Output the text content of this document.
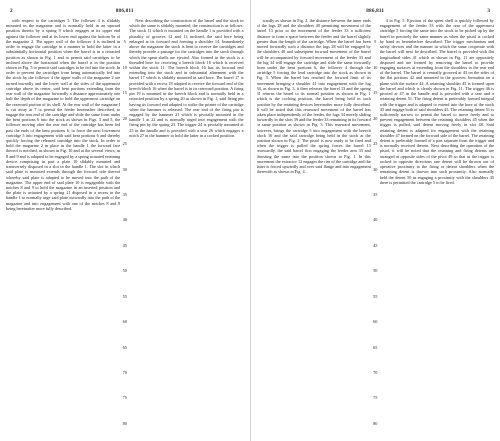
2	886,811

with respect to the cartridges 5. The follower 4 is slidably mounted in the magazine and is normally held in an upward position therein by a spring 9 which engages at its upper end against the follower and at its lower end against the bottom 9a of the magazine 2. The upper wall of the follower 4 is inclined in order to engage the cartridge in a manner to hold the latter in a substantially horizontal position when the barrel is in a retracted position as shown in Fig. 1 and to permit said cartridges to be inclined above the horizontal when the barrel is in the position shown in Fig. 5 to permit said cartridges to be fed into the stock. In order to prevent the cartridges from being automatically fed into the stock by the follower 4 the upper walls of the magazine 2 are turned inwardly and the lower wall at the sides of the uppermost cartridge above its center, said bent portions extending from the rear wall of the magazine forwardly a distance approximately one half the depth of the magazine to hold the uppermost cartridge on the rearward portion of its shell. At the rear wall of the magazine I is cut away at 7 to permit the feeder hereinafter described, to engage the rear end of the cartridge and slide the same from under the bent portions 6 into the stock as shown in Figs. 3 and 5, the follower moving after the rear end of the cartridge has been fed past the ends of the bent portions 6, to force the next lowermost cartridge 5 into engagement with said bent portions 6 and thereby quickly forcing the released cartridge into the stock. In order to hold the magazine 2 in place in the handle 1 the forward face thereof is notched, as shown in Fig. 10 and at the several views, as 8 and 9 and is adapted to be engaged by a spring actuated retaining device comprising in part a plate 10 slidably mounted and transversely disposed in a slot in the handle 1. The slot in which said plate is mounted extends through the forward side thereof whereby said plate is adapted to be moved into the path of the magazine. The upper end of said plate 10 is engageable with the notches 8 and 9 to hold the magazine in an inserted position and the plate is actuated by a spring 11 disposed in a recess in the handle 1 to normally urge said plate outwardly into the path of the magazine and into engagement with one of the notches 8 and 9 being hereinafter more fully described.

5
10
15
20
25
30
35
40
45
50
55
60
65
70
75
80

Next describing the construction of the barrel and the stock in which the same is slidably mounted, the construction is as follows: The stock 11 which is mounted on the handle 1 is provided with a plurality of grooves 12 and 13 inclined, the said bore being enlarged at its forward end forming a shoulder 14. Immediately above the magazine the stock is bent to receive the cartridges and thereby provide a passage for the cartridges into the stock through which the spent shells are ejected. Also formed in the stock is a threaded bore for receiving a breech block 16 which is received within the stock 11. The breech block 16 has its forward end extending into the stock and in substantial alinement with the barrel 17 which is slidably mounted in said bore. The barrel 17 is provided with a recess 18 adapted to receive the forward end of the breech block 16 when the barrel is in its rearward position. A firing pin 19 is mounted in the breech block and is normally held in a retracted position by a spring 20 as shown in Fig. 1, said firing pin having its forward end adapted to strike the primer of the cartridge when the hammer is released. The rear end of the firing pin is engaged by the hammer 21 which is pivotally mounted in the handle 1 at 22 and is normally urged into engagement with the firing pin by the spring 23. The trigger 24 is pivotally mounted at 25 in the handle and is provided with a sear 26 which engages a notch 27 in the hammer to hold the latter in a cocked position.

886,811	3

wardly as shown in Fig. 2, the distance between the inner ends of the lugs 28 and the shoulders 40 permitting movement of the barrel 13 prior to the movement of the feeder 33 a sufficient distance to form a space between the feeder and the barrel slightly greater than the length of the cartridge. When the barrel has been moved forwardly such a distance the lugs 28 will be engaged by the shoulders 40 and subsequent forward movement of the barrel will be accompanied by forward movement of the feeder 33 and the lug 34 will engage the cartridge and slide the same forwardly from under the bent portions 6, the follower 4 through the cartridge 5 forcing the lead cartridge into the stock as shown in Fig. 3. When the barrel has reached the forward limit of its movement bringing a shoulder 41 into engagement with the lug 34, as shown in Fig. 3, it then releases the barrel 13 and the spring 31 returns the barrel to its normal position as shown in Fig. 1 which is the cocking position, the barrel being held in such position by the retaining devices hereinafter more fully described. It will be noted that this rearward movement of the barrel has taken place independently of the feeder, the lugs 34 merely sliding forwardly in the slots 39 and the feeder 33 remaining in its forward or same position as shown in Fig. 3. This rearward movement, however, brings the cartridge 5 into engagement with the breech block 16 and the said cartridge being held in the stock at the position shown in Fig. 2. The pistol is now ready to be fired and when the trigger is pulled the spring forces the barrel 13 rearwardly, the said barrel first engaging the feeder arm 33 and thrusting the same into the position shown in Fig. 1. In this movement the extractor 12 engages the rim of the cartridge and the latter is forced upwardly and over said flange and into engagement therewith as shown in Fig. 4.

5
10
15
20
25
30
35
40
45
50
55
60
65
70
75
80

4 in Fig. 5. Ejection of the spent shell is quickly followed by engagement of the feeder 33 with the rear of the uppermost cartridge 5 forcing the same into the stock to be picked up by the barrel in precisely the same manner as when the pistol is cocked by hand as hereinbefore described. The trigger mechanism and safety devices and the manner in which the same cooperate with the barrel will next be described. The barrel is provided with flat longitudinal sides 41 which as shown in Fig. 11 are oppositely disposed and are formed by removing the barrel to provide engaging surfaces at extending from the shoulders to the rear end of the barrel. The barrel is centrally grooved at 43 on the sides of the flat portions 42 and mounted in the grooves formation on a plane with the surface 44. A retaining shoulder 45 is formed upon the barrel and which is clearly shown in Fig. 11. The trigger 46 is pivoted at 47 in the handle and is provided with a sear and a retaining detent 51. The firing detent is preferably formed integral with the trigger and is adapted to extend into the bore of the stock 43 and engage both of said shoulders 45. The retaining detent 51 is sufficiently narrow to permit the barrel to move freely and to prevent engagement between the retaining shoulders 45 when the trigger is pulled, said detent moving freely in slot 48. Said retaining detent is adapted for engagement with the retaining shoulder 47 formed on the forward side of the barrel. The retaining detent is preferably formed of a part separate from the trigger and is normally received therein. Next describing the operation of the pistol, it will be noted that the retaining and firing detents are arranged at opposite sides of the pivot 49 so that as the trigger is rocked in opposite directions one detent will be thrown out of operative proximity to the firing or detent shoulders when the remaining detent is thrown into such proximity. Also normally held the detent 50 in engaging a proximity with the shoulders 45 there is permitted the cartridge 5 to be fired.
